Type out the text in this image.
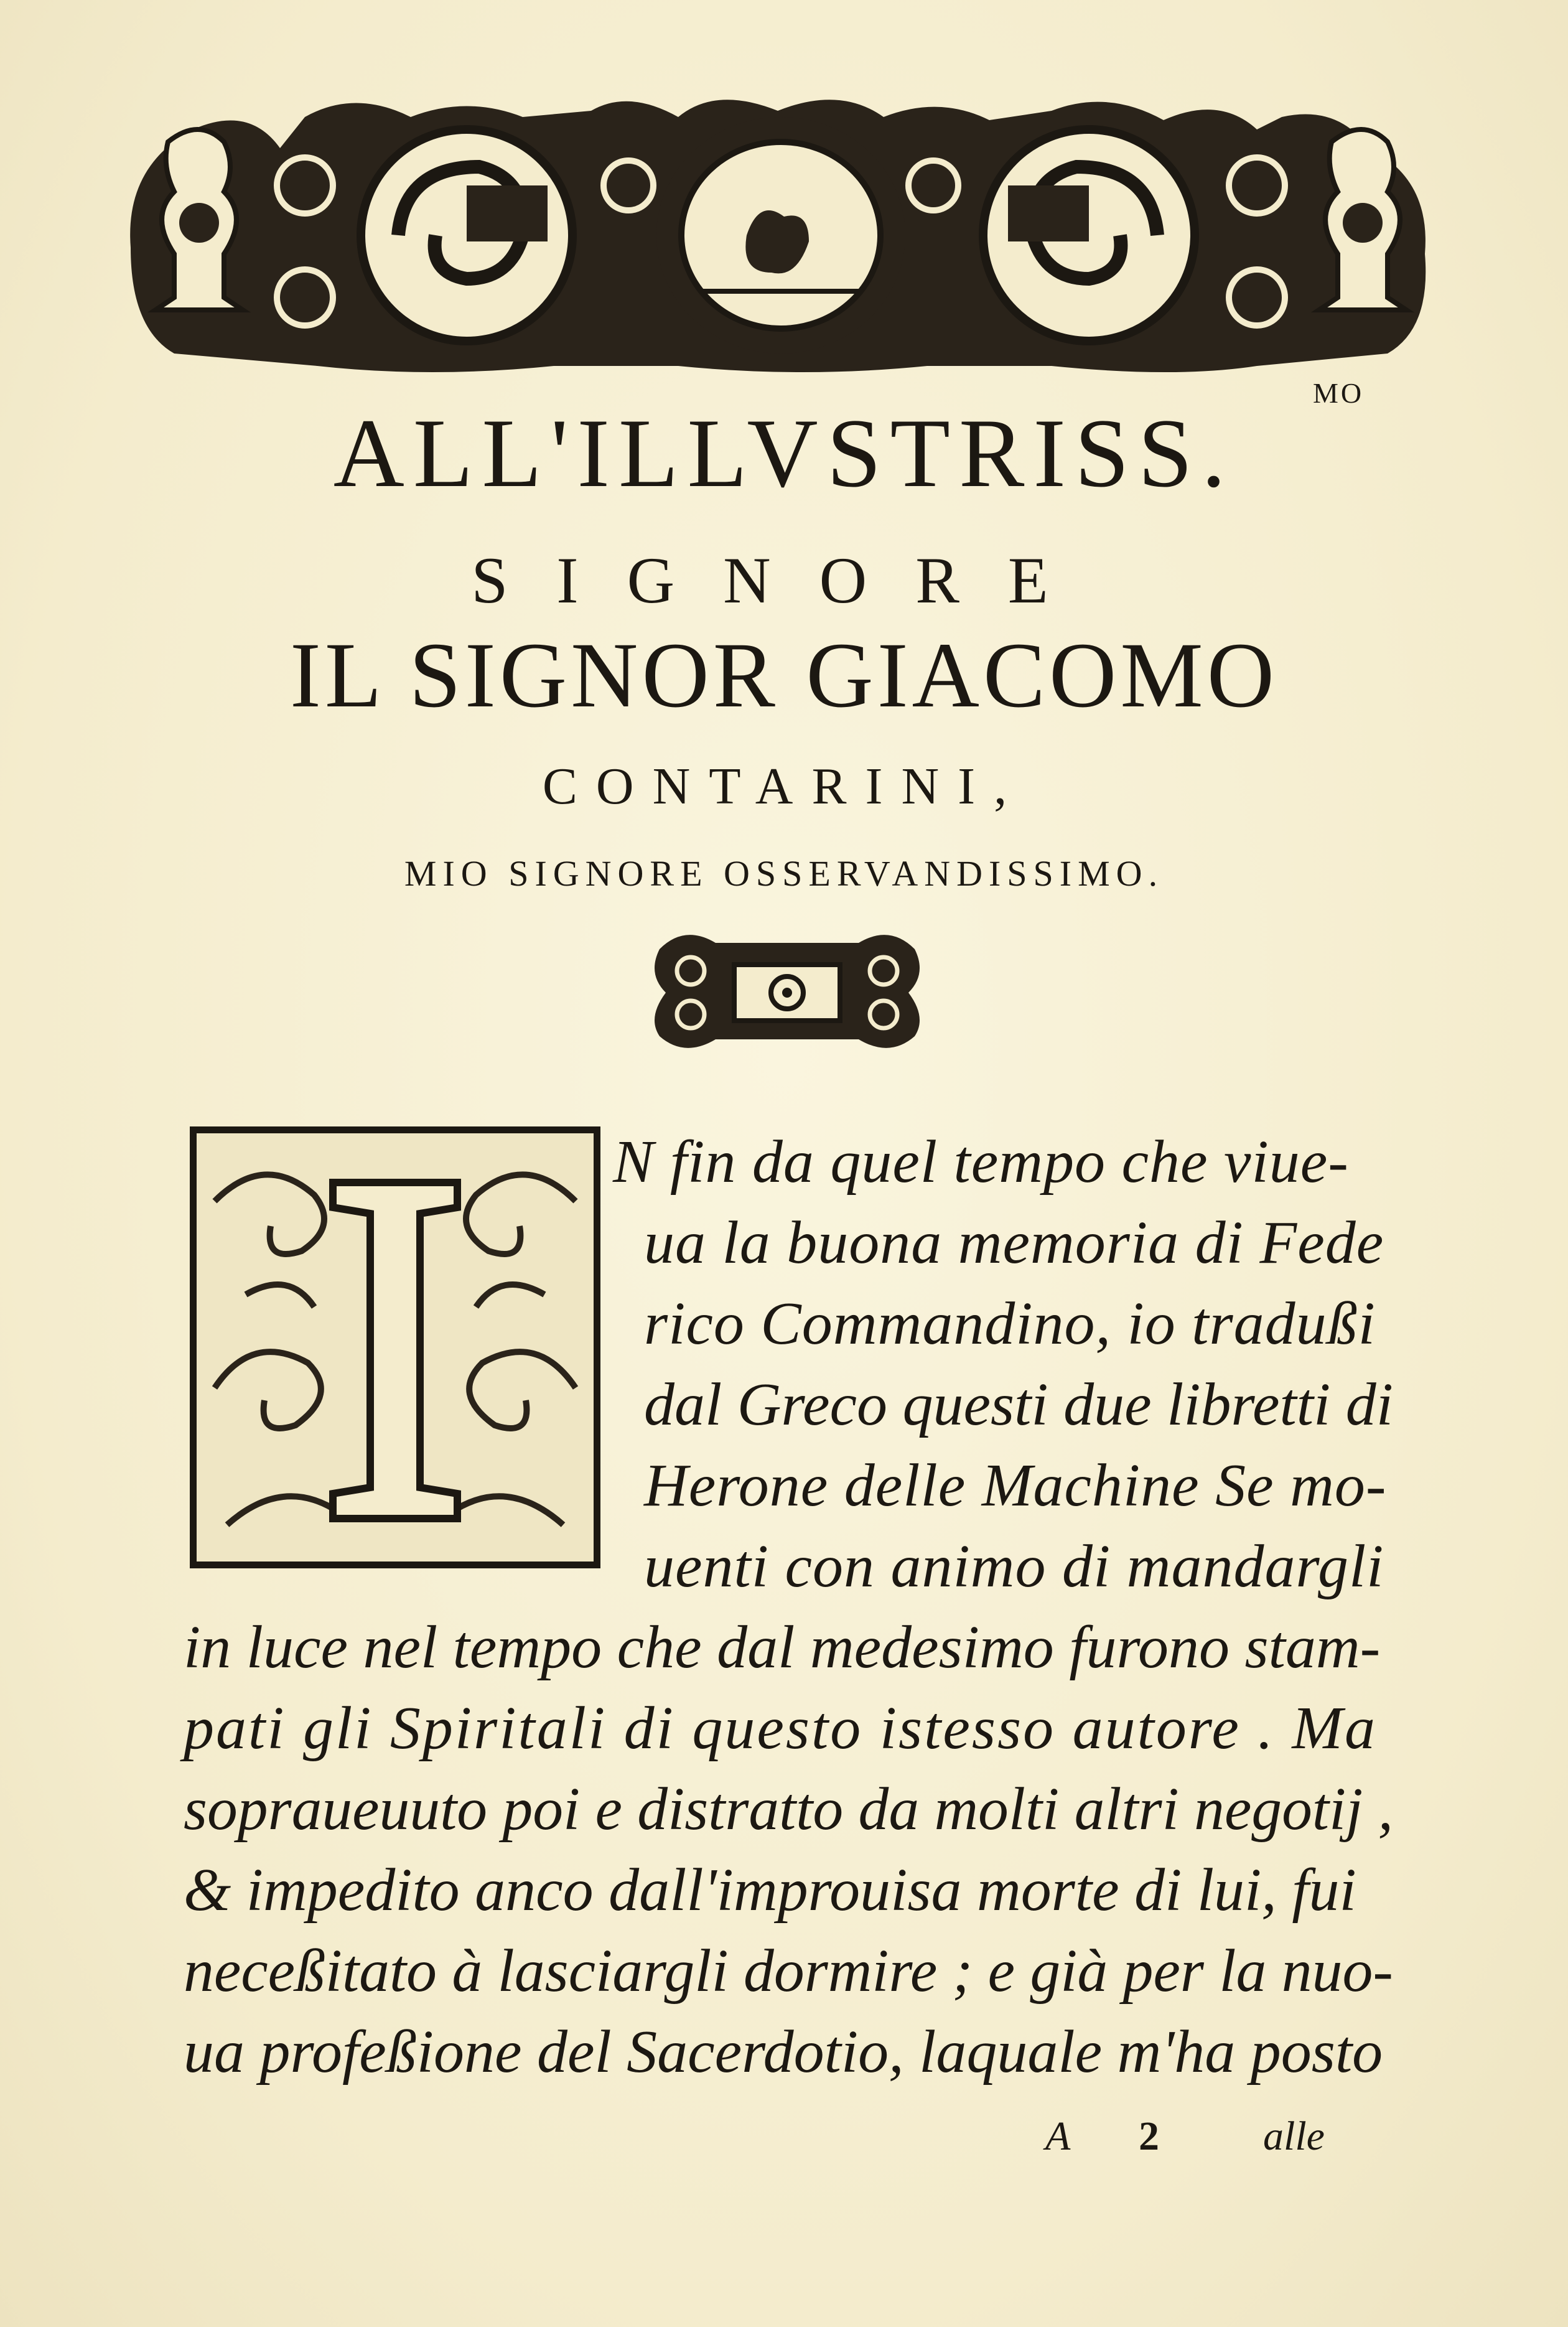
MO
ALL'ILLVSTRISS.
SIGNORE
IL SIGNOR GIACOMO
CONTARINI,
MIO SIGNORE OSSERVANDISSIMO.
I
N fin da quel tempo che viue-
ua la buona memoria di Fede
rico Commandino, io tradußi
dal Greco questi due libretti di
Herone delle Machine Se mo-
uenti con animo di mandargli
in luce nel tempo che dal medesimo furono stam-
pati gli Spiritali di questo istesso autore . Ma
sopraueuuto poi e distratto da molti altri negotij ,
& impedito anco dall'improuisa morte di lui, fui
neceßitato à lasciargli dormire ; e già per la nuo-
ua profeßione del Sacerdotio, laquale m'ha posto
A 2	alle
